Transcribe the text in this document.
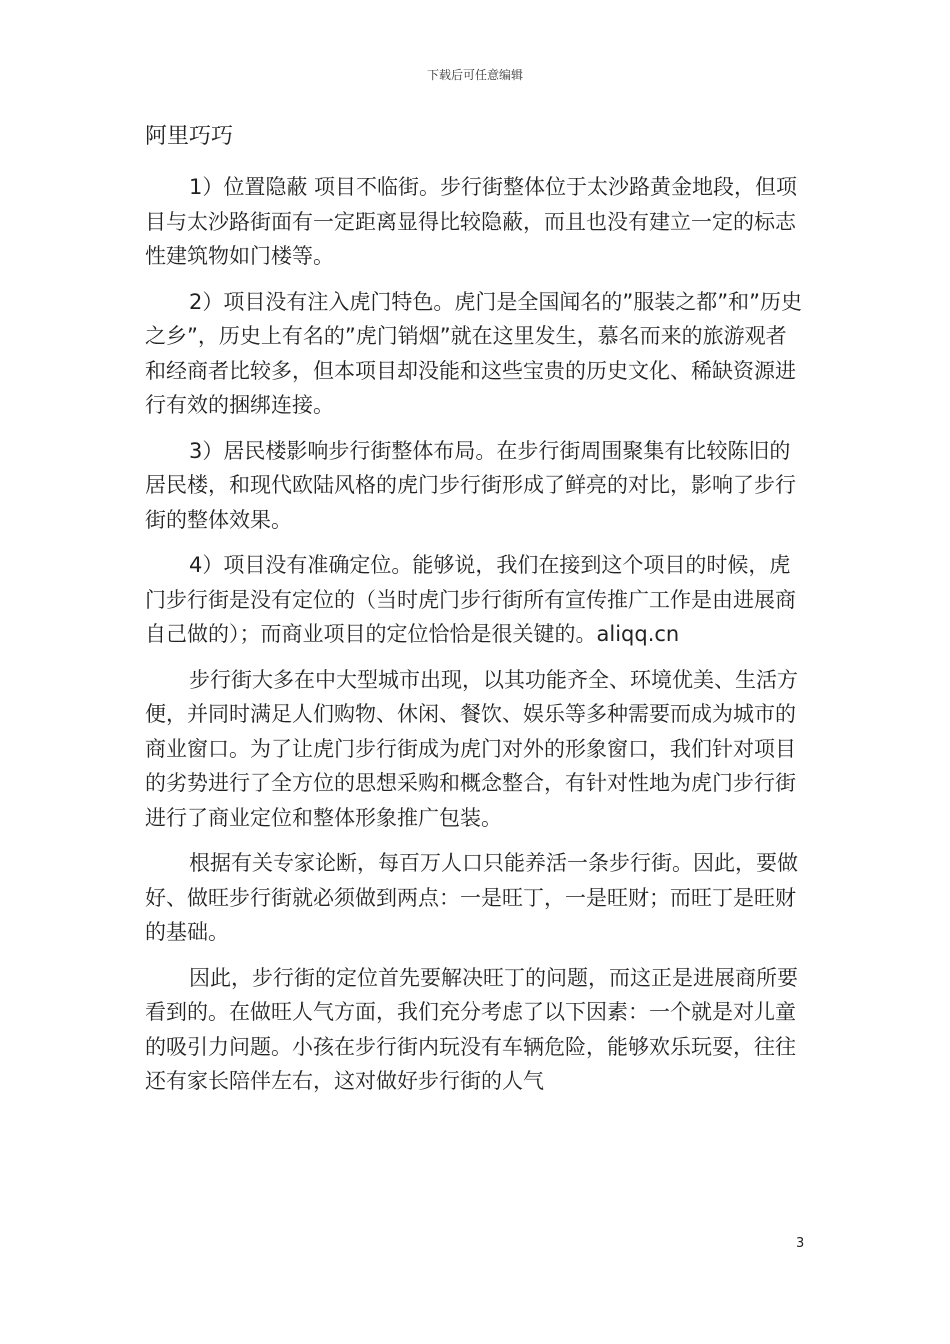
下载后可任意编辑
阿里巧巧

1）位置隐蔽 项目不临街。步行街整体位于太沙路黄金地段，但项目与太沙路街面有一定距离显得比较隐蔽，而且也没有建立一定的标志性建筑物如门楼等。

2）项目没有注入虎门特色。虎门是全国闻名的”服装之都”和”历史之乡”，历史上有名的”虎门销烟”就在这里发生，慕名而来的旅游观者和经商者比较多，但本项目却没能和这些宝贵的历史文化、稀缺资源进行有效的捆绑连接。

3）居民楼影响步行街整体布局。在步行街周围聚集有比较陈旧的居民楼，和现代欧陆风格的虎门步行街形成了鲜亮的对比，影响了步行街的整体效果。

4）项目没有准确定位。能够说，我们在接到这个项目的时候，虎门步行街是没有定位的（当时虎门步行街所有宣传推广工作是由进展商自己做的）；而商业项目的定位恰恰是很关键的。aliqq.cn

步行街大多在中大型城市出现，以其功能齐全、环境优美、生活方便，并同时满足人们购物、休闲、餐饮、娱乐等多种需要而成为城市的商业窗口。为了让虎门步行街成为虎门对外的形象窗口，我们针对项目的劣势进行了全方位的思想采购和概念整合，有针对性地为虎门步行街进行了商业定位和整体形象推广包装。

根据有关专家论断，每百万人口只能养活一条步行街。因此，要做好、做旺步行街就必须做到两点：一是旺丁，一是旺财；而旺丁是旺财的基础。

因此，步行街的定位首先要解决旺丁的问题，而这正是进展商所要看到的。在做旺人气方面，我们充分考虑了以下因素：一个就是对儿童的吸引力问题。小孩在步行街内玩没有车辆危险，能够欢乐玩耍，往往还有家长陪伴左右，这对做好步行街的人气

3
